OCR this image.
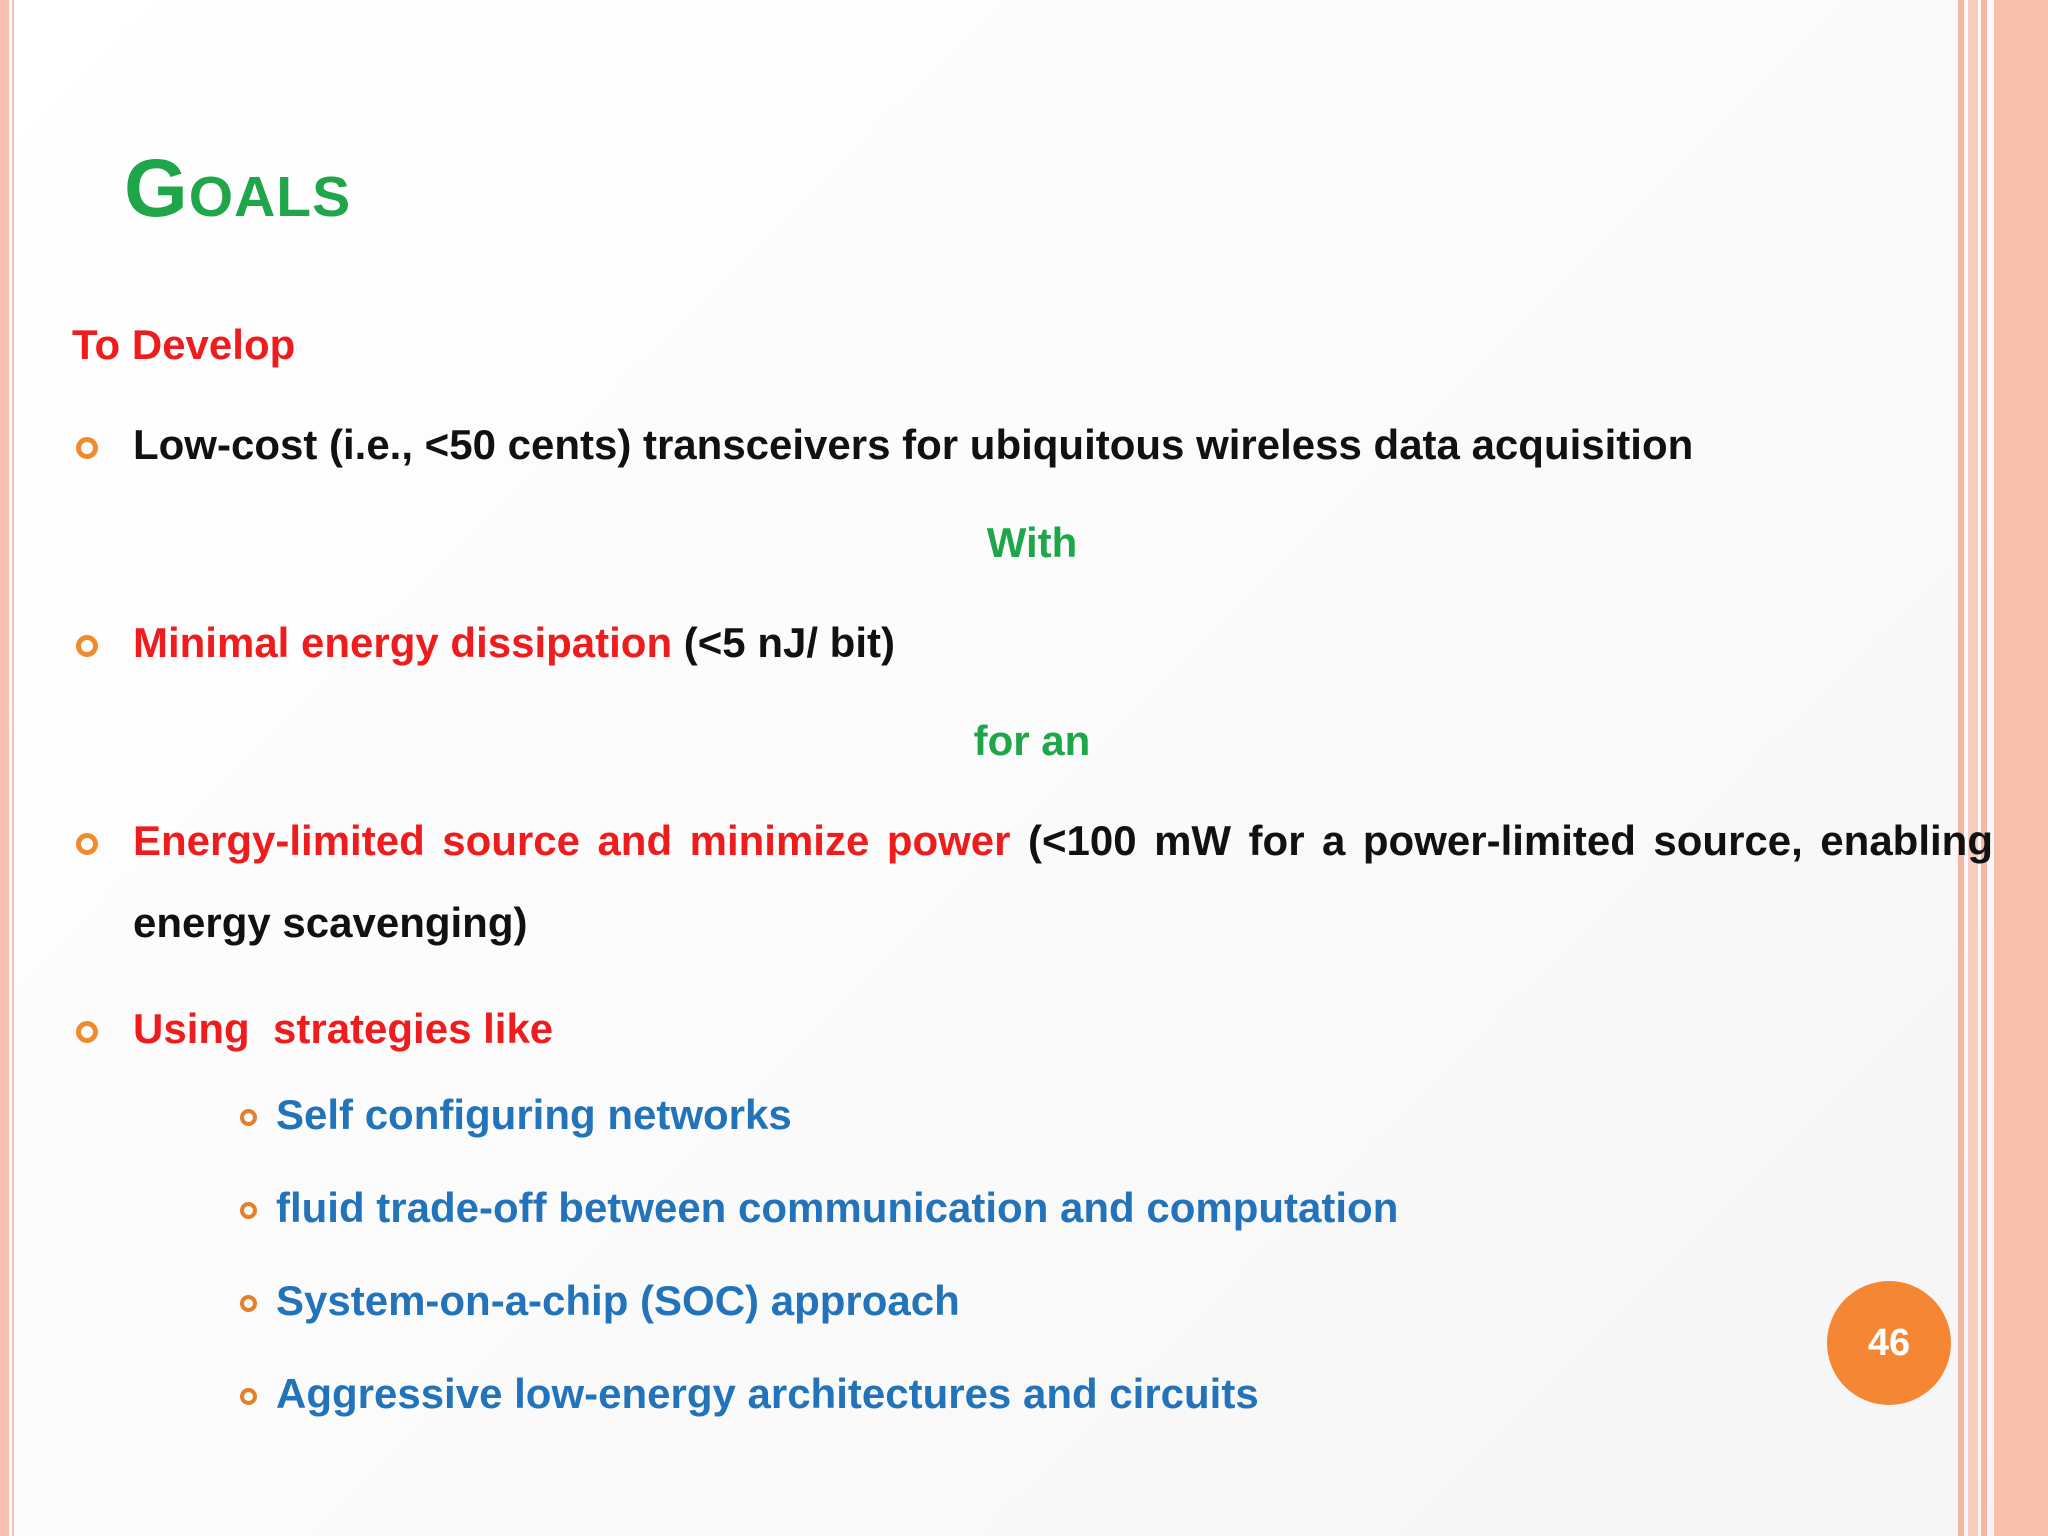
Goals
To Develop
Low-cost (i.e., <50 cents) transceivers for ubiquitous wireless data acquisition
With
Minimal energy dissipation (<5 nJ/ bit)
for an
Energy-limited source and minimize power (<100 mW for a power-limited source, enabling energy scavenging)
Using  strategies like
Self configuring networks
fluid trade-off between communication and computation
System-on-a-chip (SOC) approach
Aggressive low-energy architectures and circuits
46
